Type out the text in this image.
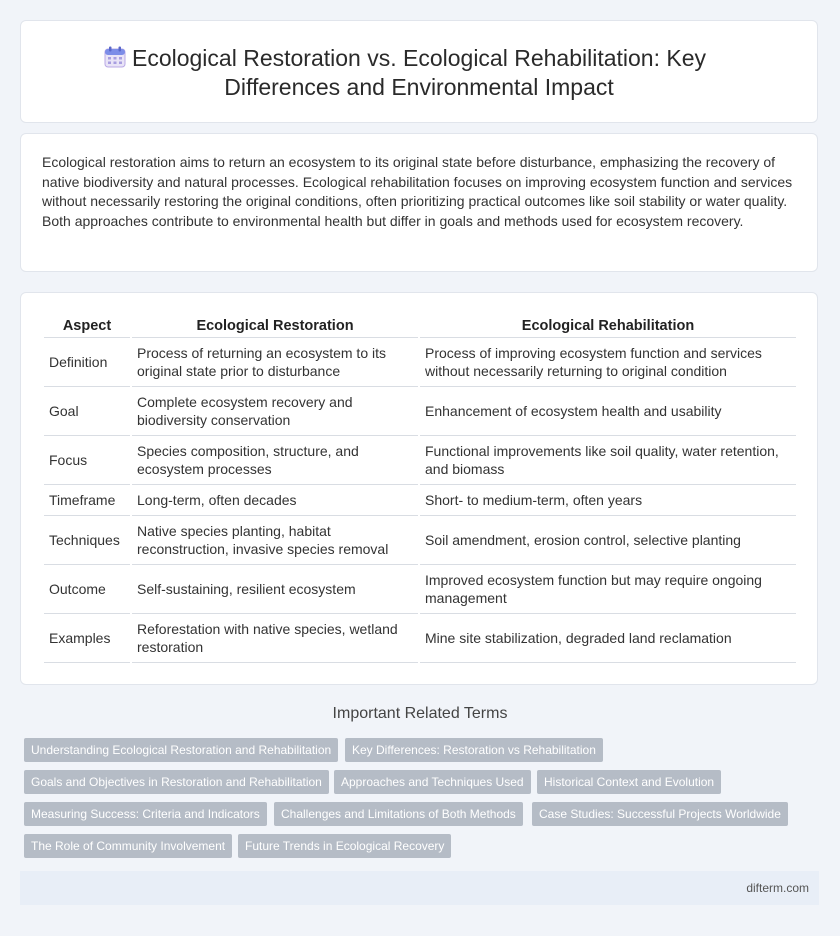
Ecological Restoration vs. Ecological Rehabilitation: Key Differences and Environmental Impact

Ecological restoration aims to return an ecosystem to its original state before disturbance, emphasizing the recovery of native biodiversity and natural processes. Ecological rehabilitation focuses on improving ecosystem function and services without necessarily restoring the original conditions, often prioritizing practical outcomes like soil stability or water quality. Both approaches contribute to environmental health but differ in goals and methods used for ecosystem recovery.

Aspect	Ecological Restoration	Ecological Rehabilitation
Definition	Process of returning an ecosystem to its original state prior to disturbance	Process of improving ecosystem function and services without necessarily returning to original condition
Goal	Complete ecosystem recovery and biodiversity conservation	Enhancement of ecosystem health and usability
Focus	Species composition, structure, and ecosystem processes	Functional improvements like soil quality, water retention, and biomass
Timeframe	Long-term, often decades	Short- to medium-term, often years
Techniques	Native species planting, habitat reconstruction, invasive species removal	Soil amendment, erosion control, selective planting
Outcome	Self-sustaining, resilient ecosystem	Improved ecosystem function but may require ongoing management
Examples	Reforestation with native species, wetland restoration	Mine site stabilization, degraded land reclamation
Important Related Terms
Understanding Ecological Restoration and Rehabilitation	Key Differences: Restoration vs Rehabilitation
Goals and Objectives in Restoration and Rehabilitation	Approaches and Techniques Used	Historical Context and Evolution
Measuring Success: Criteria and Indicators	Challenges and Limitations of Both Methods	Case Studies: Successful Projects Worldwide
The Role of Community Involvement	Future Trends in Ecological Recovery
difterm.com
